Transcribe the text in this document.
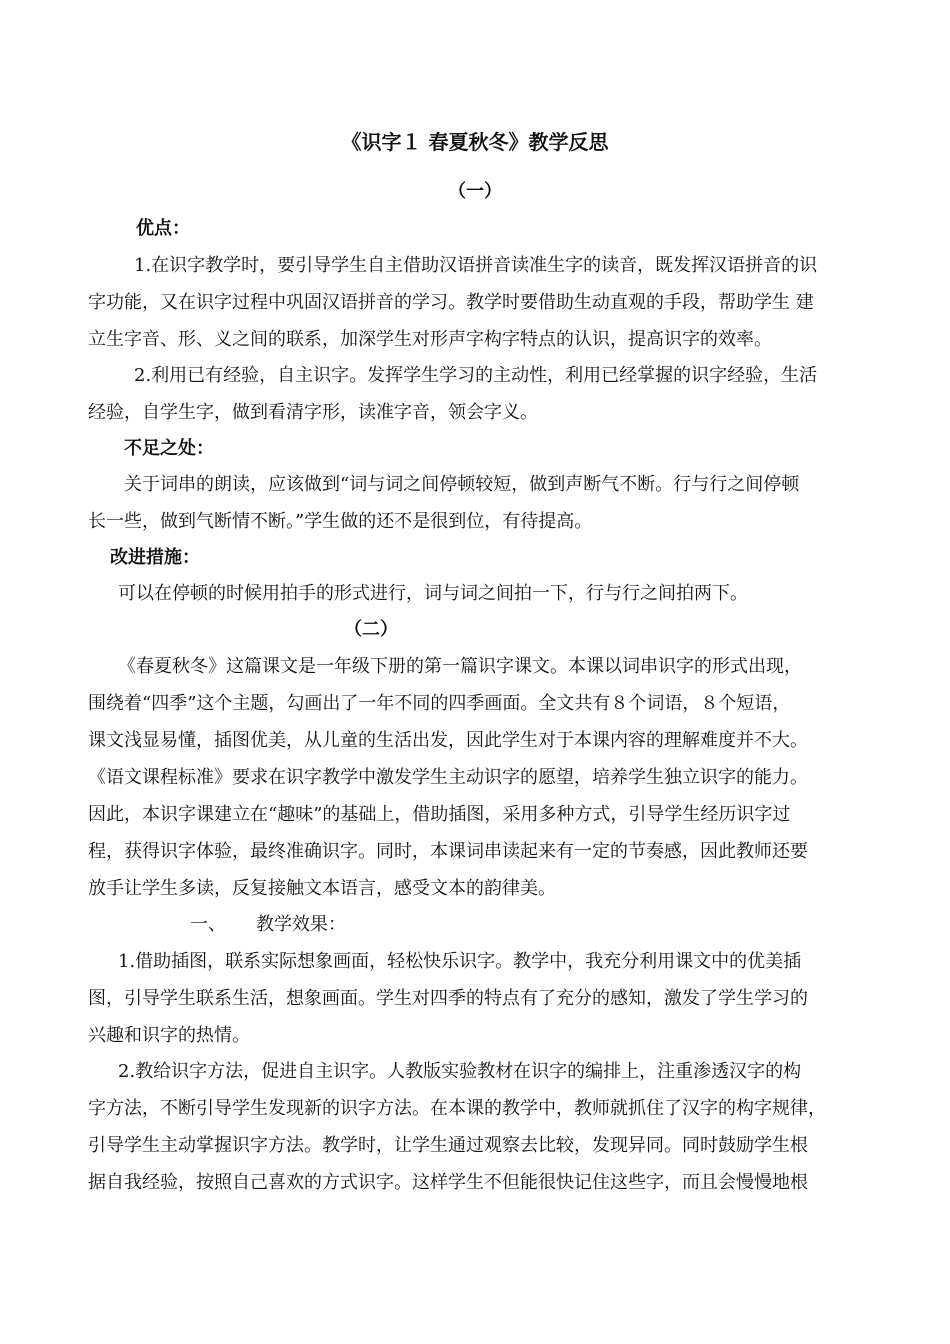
《识字１ 春夏秋冬》教学反思
（一）
优点：
1.在识字教学时，要引导学生自主借助汉语拼音读准生字的读音，既发挥汉语拼音的识
字功能，又在识字过程中巩固汉语拼音的学习。教学时要借助生动直观的手段，帮助学生 建
立生字音、形、义之间的联系，加深学生对形声字构字特点的认识，提高识字的效率。
2.利用已有经验，自主识字。发挥学生学习的主动性，利用已经掌握的识字经验，生活
经验，自学生字，做到看清字形，读准字音，领会字义。
不足之处：
关于词串的朗读，应该做到“词与词之间停顿较短，做到声断气不断。行与行之间停顿
长一些，做到气断情不断。”学生做的还不是很到位，有待提高。
改进措施：
可以在停顿的时候用拍手的形式进行，词与词之间拍一下，行与行之间拍两下。
（二）
《春夏秋冬》这篇课文是一年级下册的第一篇识字课文。本课以词串识字的形式出现，
围绕着“四季”这个主题，勾画出了一年不同的四季画面。全文共有８个词语，８个短语，
课文浅显易懂，插图优美，从儿童的生活出发，因此学生对于本课内容的理解难度并不大。
《语文课程标准》要求在识字教学中激发学生主动识字的愿望，培养学生独立识字的能力。
因此，本识字课建立在“趣味”的基础上，借助插图，采用多种方式，引导学生经历识字过
程，获得识字体验，最终准确识字。同时，本课词串读起来有一定的节奏感，因此教师还要
放手让学生多读，反复接触文本语言，感受文本的韵律美。
一、 教学效果：
1.借助插图，联系实际想象画面，轻松快乐识字。教学中，我充分利用课文中的优美插
图，引导学生联系生活，想象画面。学生对四季的特点有了充分的感知，激发了学生学习的
兴趣和识字的热情。
2.教给识字方法，促进自主识字。人教版实验教材在识字的编排上，注重渗透汉字的构
字方法，不断引导学生发现新的识字方法。在本课的教学中，教师就抓住了汉字的构字规律，
引导学生主动掌握识字方法。教学时，让学生通过观察去比较，发现异同。同时鼓励学生根
据自我经验，按照自己喜欢的方式识字。这样学生不但能很快记住这些字，而且会慢慢地根
